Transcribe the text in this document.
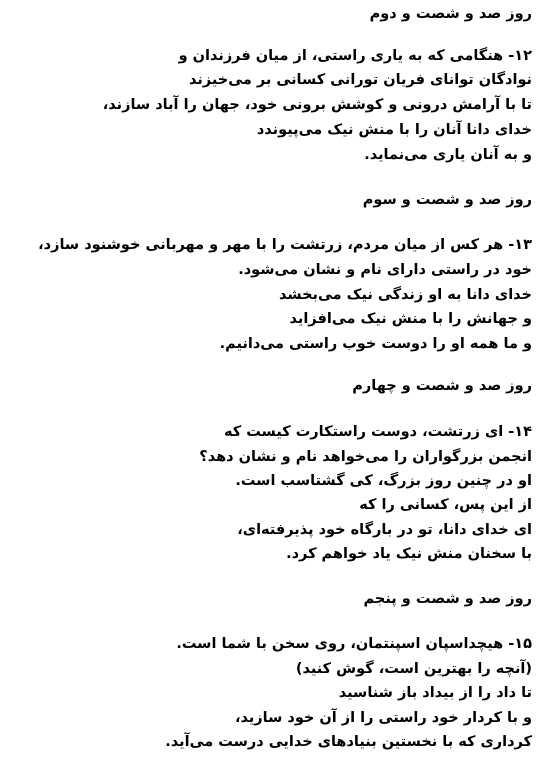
روز صد و شصت و دوم
۱۲- هنگامی که به یاری راستی، از میان فرزندان و
نوادگان توانای فریان تورانی کسانی بر می‌خیزند
تا با آرامش درونی و کوشش برونی خود، جهان را آباد سازند،
خدای دانا آنان را با منش نیک می‌پیوندد
و به آنان یاری می‌نماید.
روز صد و شصت و سوم
۱۳- هر کس از میان مردم، زرتشت را با مهر و مهربانی خوشنود سازد،
خود در راستی دارای نام و نشان می‌شود.
خدای دانا به او زندگی نیک می‌بخشد
و جهانش را با منش نیک می‌افزاید
و ما همه او را دوست خوب راستی می‌دانیم.
روز صد و شصت و چهارم
۱۴- ای زرتشت، دوست راستکارت کیست که
انجمن بزرگواران را می‌خواهد نام و نشان دهد؟
او در چنین روز بزرگ، کی گشتاسب است.
از این پس، کسانی را که
ای خدای دانا، تو در بارگاه خود پذیرفته‌ای،
با سخنان منش نیک یاد خواهم کرد.
روز صد و شصت و پنجم
۱۵- هیچداسپان اسپنتمان، روی سخن با شما است.
(آنچه را بهترین است، گوش کنید)
تا داد را از بیداد باز شناسید
و با کردار خود راستی را از آن خود سازید،
کرداری که با نخستین بنیادهای خدایی درست می‌آید.
